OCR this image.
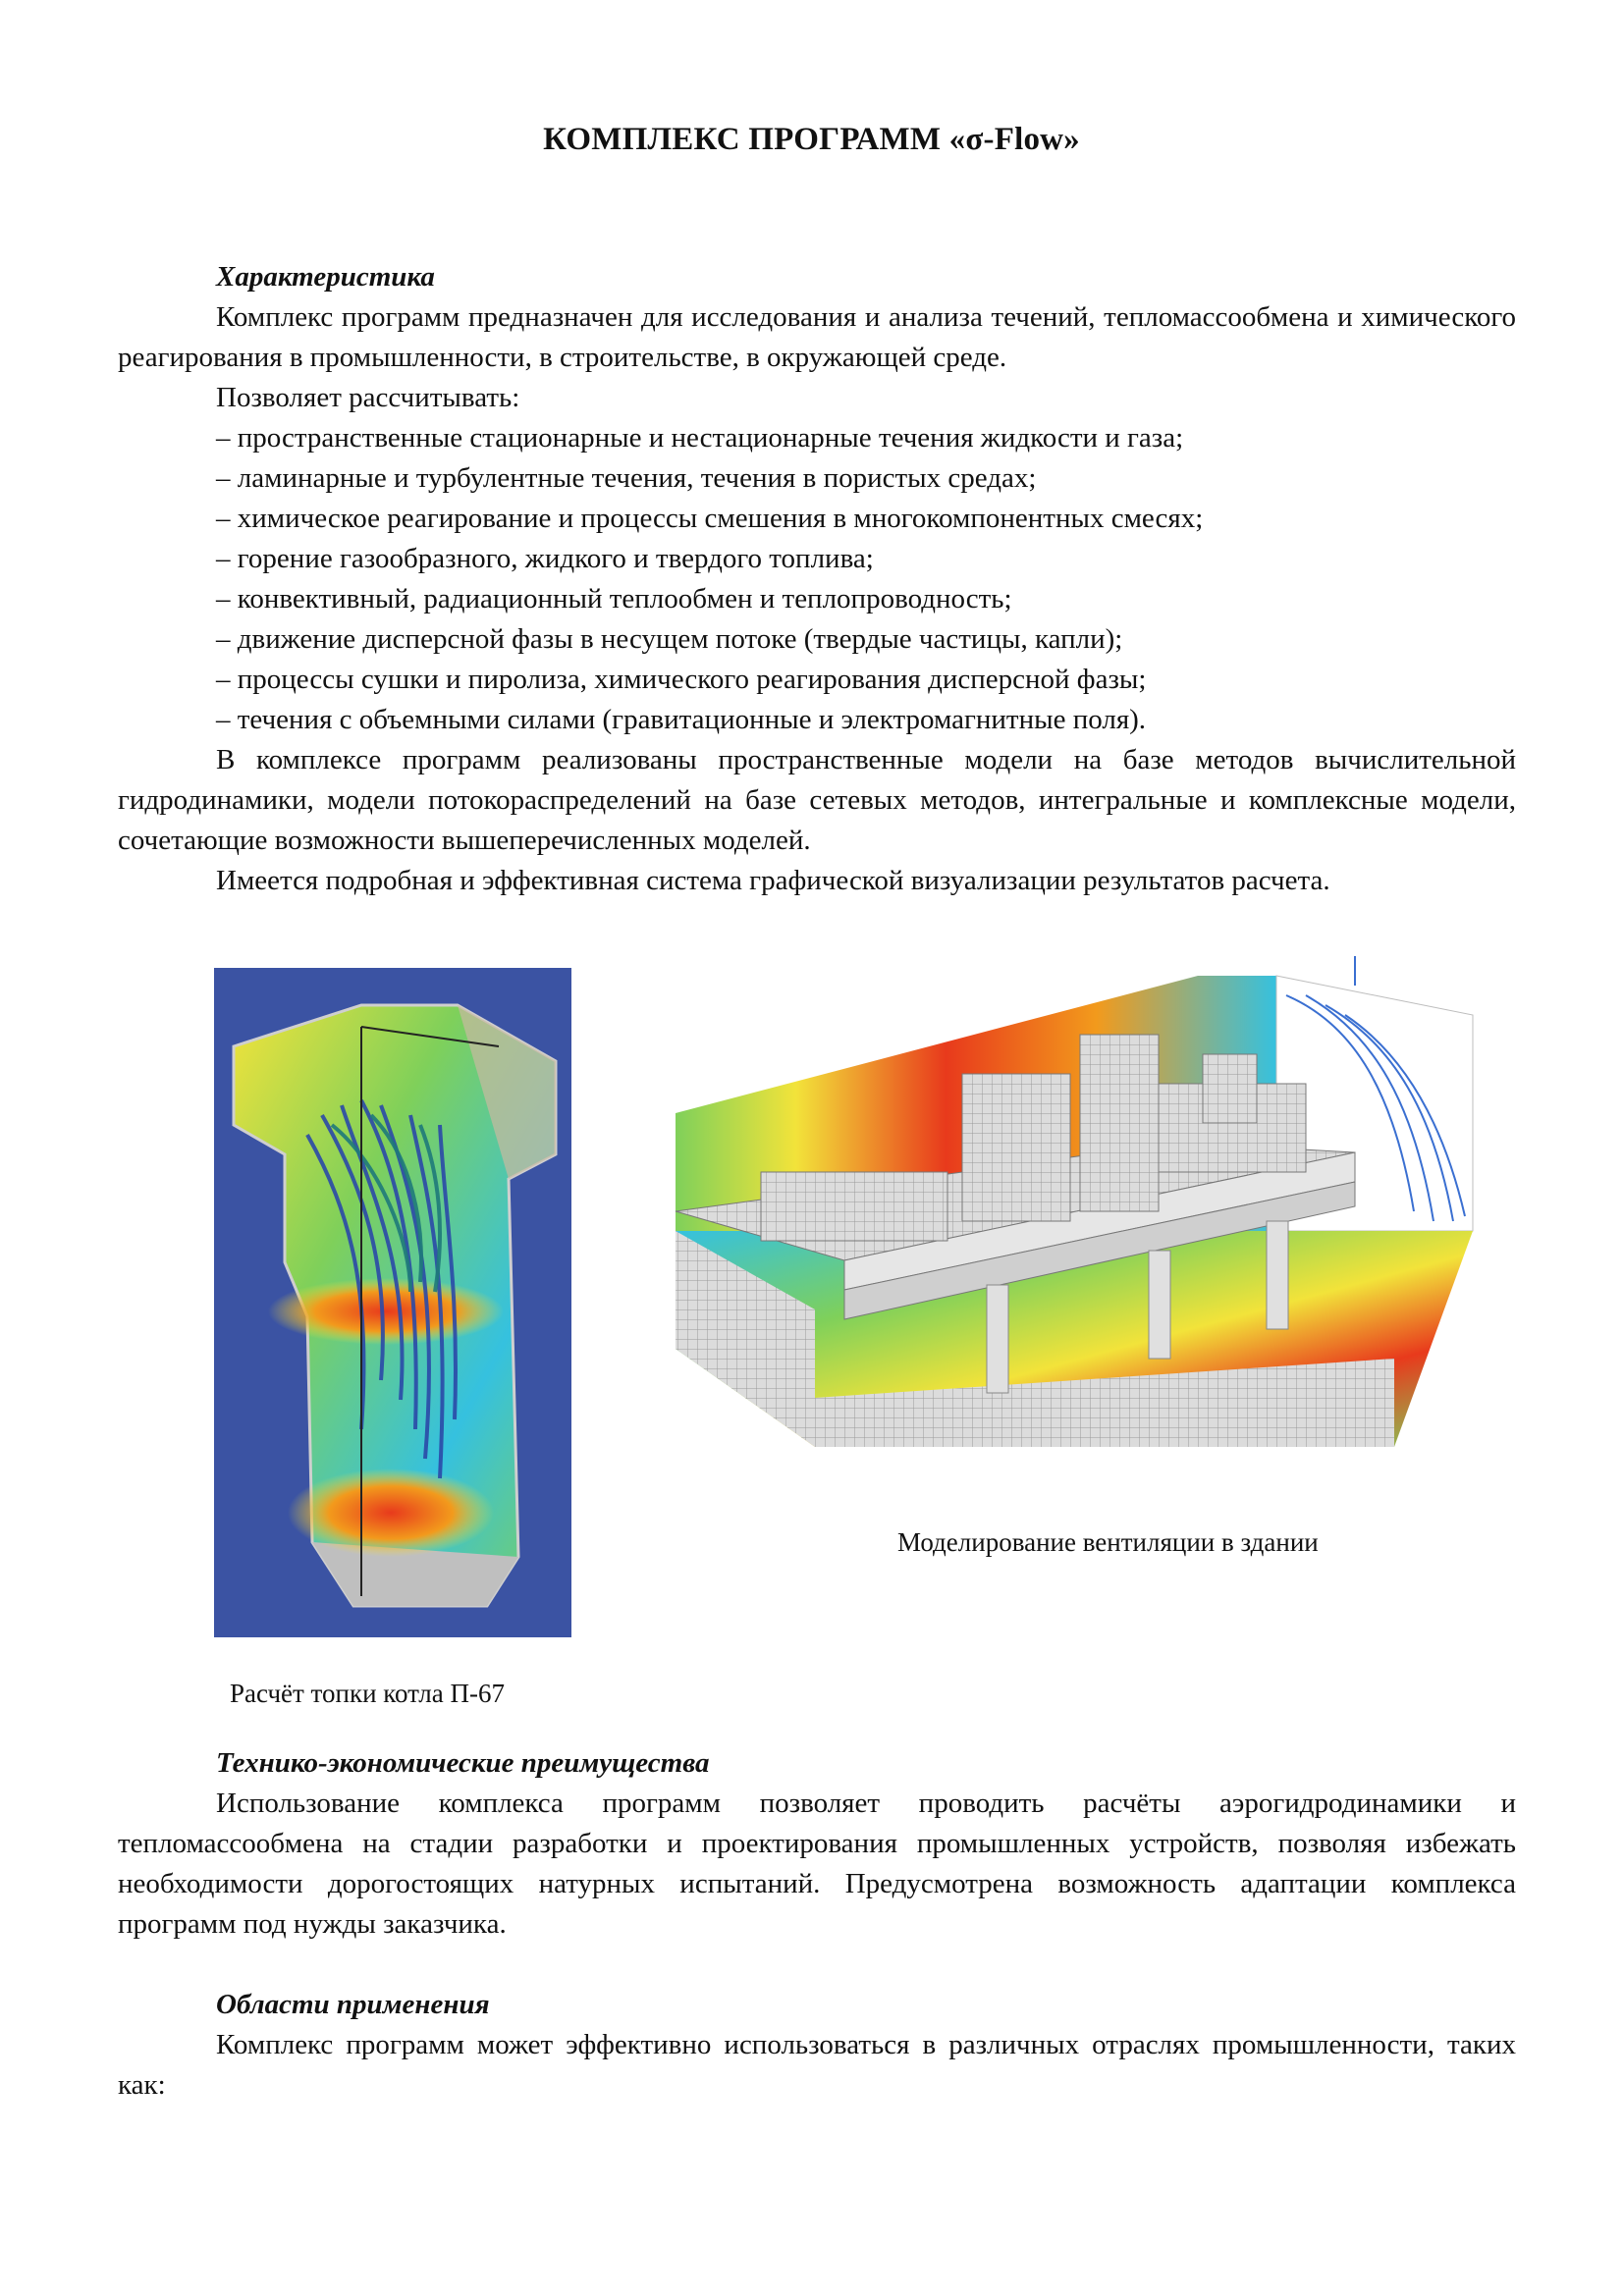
КОМПЛЕКС ПРОГРАММ «σ-Flow»
Характеристика

Комплекс программ предназначен для исследования и анализа течений, тепломассообмена и химического реагирования в промышленности, в строительстве, в окружающей среде.

Позволяет рассчитывать:

– пространственные стационарные и нестационарные течения жидкости и газа;
– ламинарные и турбулентные течения, течения в пористых средах;
– химическое реагирование и процессы смешения в многокомпонентных смесях;
– горение газообразного, жидкого и твердого топлива;
– конвективный, радиационный теплообмен и теплопроводность;
– движение дисперсной фазы в несущем потоке (твердые частицы, капли);
– процессы сушки и пиролиза, химического реагирования дисперсной фазы;
– течения с объемными силами (гравитационные и электромагнитные поля).

В комплексе программ реализованы пространственные модели на базе методов вычислительной гидродинамики, модели потокораспределений на базе сетевых методов, интегральные и комплексные модели, сочетающие возможности вышеперечисленных моделей.

Имеется подробная и эффективная система графической визуализации результатов расчета.

Расчёт топки котла П-67
Моделирование вентиляции в здании
Технико-экономические преимущества

Использование комплекса программ позволяет проводить расчёты аэрогидродинамики и тепломассообмена на стадии разработки и проектирования промышленных устройств, позволяя избежать необходимости дорогостоящих натурных испытаний. Предусмотрена возможность адаптации комплекса программ под нужды заказчика.

Области применения

Комплекс программ может эффективно использоваться в различных отраслях промышленности, таких как:
